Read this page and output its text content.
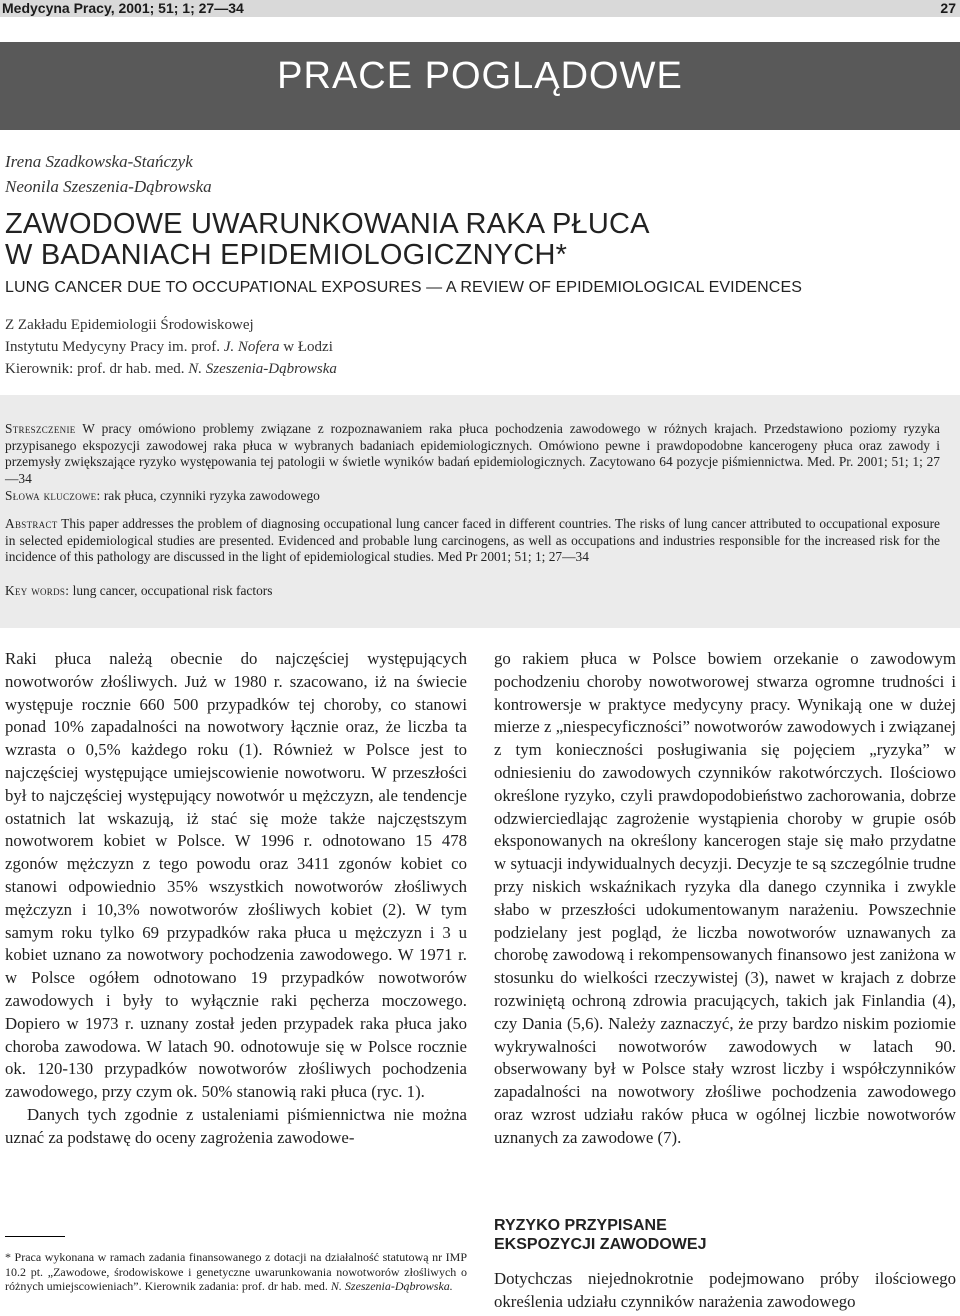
Medycyna Pracy, 2001; 51; 1; 27—34	27
PRACE POGLĄDOWE
Irena Szadkowska-Stańczyk
Neonila Szeszenia-Dąbrowska
ZAWODOWE UWARUNKOWANIA RAKA PŁUCA
W BADANIACH EPIDEMIOLOGICZNYCH*
LUNG CANCER DUE TO OCCUPATIONAL EXPOSURES — A REVIEW OF EPIDEMIOLOGICAL EVIDENCES
Z Zakładu Epidemiologii Środowiskowej
Instytutu Medycyny Pracy im. prof. J. Nofera w Łodzi
Kierownik: prof. dr hab. med. N. Szeszenia-Dąbrowska
Streszczenie W pracy omówiono problemy związane z rozpoznawaniem raka płuca pochodzenia zawodowego w różnych krajach. Przedstawiono poziomy ryzyka przypisanego ekspozycji zawodowej raka płuca w wybranych badaniach epidemiologicznych. Omówiono pewne i prawdopodobne kancerogeny płuca oraz zawody i przemysły zwiększające ryzyko występowania tej patologii w świetle wyników badań epidemiologicznych. Zacytowano 64 pozycje piśmiennictwa. Med. Pr. 2001; 51; 1; 27—34
Słowa kluczowe: rak płuca, czynniki ryzyka zawodowego
Abstract This paper addresses the problem of diagnosing occupational lung cancer faced in different countries. The risks of lung cancer attributed to occupational exposure in selected epidemiological studies are presented. Evidenced and probable lung carcinogens, as well as occupations and industries responsible for the increased risk for the incidence of this pathology are discussed in the light of epidemiological studies. Med Pr 2001; 51; 1; 27—34
Key words: lung cancer, occupational risk factors

Raki płuca należą obecnie do najczęściej występujących nowotworów złośliwych. Już w 1980 r. szacowano, iż na świecie występuje rocznie 660 500 przypadków tej choroby, co stanowi ponad 10% zapadalności na nowotwory łącznie oraz, że liczba ta wzrasta o 0,5% każdego roku (1). Również w Polsce jest to najczęściej występujące umiejscowienie nowotworu. W przeszłości był to najczęściej występujący nowotwór u mężczyzn, ale tendencje ostatnich lat wskazują, iż stać się może także najczęstszym nowotworem kobiet w Polsce. W 1996 r. odnotowano 15 478 zgonów mężczyzn z tego powodu oraz 3411 zgonów kobiet co stanowi odpowiednio 35% wszystkich nowotworów złośliwych mężczyzn i 10,3% nowotworów złośliwych kobiet (2). W tym samym roku tylko 69 przypadków raka płuca u mężczyzn i 3 u kobiet uznano za nowotwory pochodzenia zawodowego. W 1971 r. w Polsce ogółem odnotowano 19 przypadków nowotworów zawodowych i były to wyłącznie raki pęcherza moczowego. Dopiero w 1973 r. uznany został jeden przypadek raka płuca jako choroba zawodowa. W latach 90. odnotowuje się w Polsce rocznie ok. 120-130 przypadków nowotworów złośliwych pochodzenia zawodowego, przy czym ok. 50% stanowią raki płuca (ryc. 1).

Danych tych zgodnie z ustaleniami piśmiennictwa nie można uznać za podstawę do oceny zagrożenia zawodowe-

* Praca wykonana w ramach zadania finansowanego z dotacji na działalność statutową nr IMP 10.2 pt. „Zawodowe, środowiskowe i genetyczne uwarunkowania nowotworów złośliwych o różnych umiejscowieniach”. Kierownik zadania: prof. dr hab. med. N. Szeszenia-Dąbrowska.

go rakiem płuca w Polsce bowiem orzekanie o zawodowym pochodzeniu choroby nowotworowej stwarza ogromne trudności i kontrowersje w praktyce medycyny pracy. Wynikają one w dużej mierze z „niespecyficzności” nowotworów zawodowych i związanej z tym konieczności posługiwania się pojęciem „ryzyka” w odniesieniu do zawodowych czynników rakotwórczych. Ilościowo określone ryzyko, czyli prawdopodobieństwo zachorowania, dobrze odzwierciedlając zagrożenie wystąpienia choroby w grupie osób eksponowanych na określony kancerogen staje się mało przydatne w sytuacji indywidualnych decyzji. Decyzje te są szczególnie trudne przy niskich wskaźnikach ryzyka dla danego czynnika i zwykle słabo w przeszłości udokumentowanym narażeniu. Powszechnie podzielany jest pogląd, że liczba nowotworów uznawanych za chorobę zawodową i rekompensowanych finansowo jest zaniżona w stosunku do wielkości rzeczywistej (3), nawet w krajach z dobrze rozwiniętą ochroną zdrowia pracujących, takich jak Finlandia (4), czy Dania (5,6). Należy zaznaczyć, że przy bardzo niskim poziomie wykrywalności nowotworów zawodowych w latach 90. obserwowany był w Polsce stały wzrost liczby i współczynników zapadalności na nowotwory złośliwe pochodzenia zawodowego oraz wzrost udziału raków płuca w ogólnej liczbie nowotworów uznanych za zawodowe (7).

RYZYKO PRZYPISANE
EKSPOZYCJI ZAWODOWEJ

Dotychczas niejednokrotnie podejmowano próby ilościowego określenia udziału czynników narażenia zawodowego
